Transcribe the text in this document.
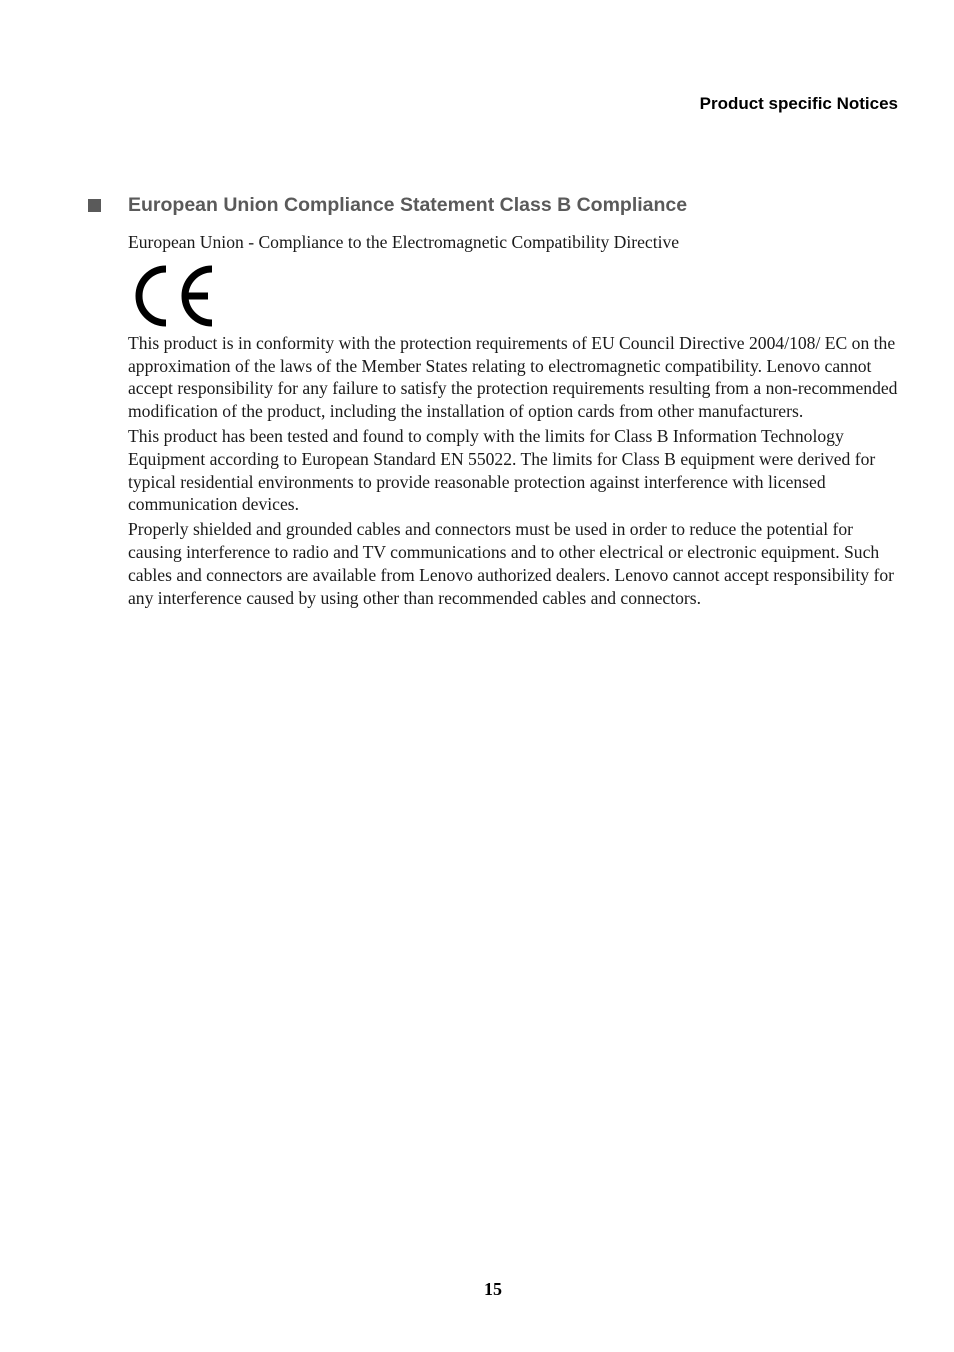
Product specific Notices
European Union Compliance Statement Class B Compliance
European Union - Compliance to the Electromagnetic Compatibility Directive

This product is in conformity with the protection requirements of EU Council Directive 2004/108/ EC on the approximation of the laws of the Member States relating to electromagnetic compatibility. Lenovo cannot accept responsibility for any failure to satisfy the protection requirements resulting from a non-recommended modification of the product, including the installation of option cards from other manufacturers.

This product has been tested and found to comply with the limits for Class B Information Technology Equipment according to European Standard EN 55022. The limits for Class B equipment were derived for typical residential environments to provide reasonable protection against interference with licensed communication devices.

Properly shielded and grounded cables and connectors must be used in order to reduce the potential for causing interference to radio and TV communications and to other electrical or electronic equipment. Such cables and connectors are available from Lenovo authorized dealers. Lenovo cannot accept responsibility for any interference caused by using other than recommended cables and connectors.

15
